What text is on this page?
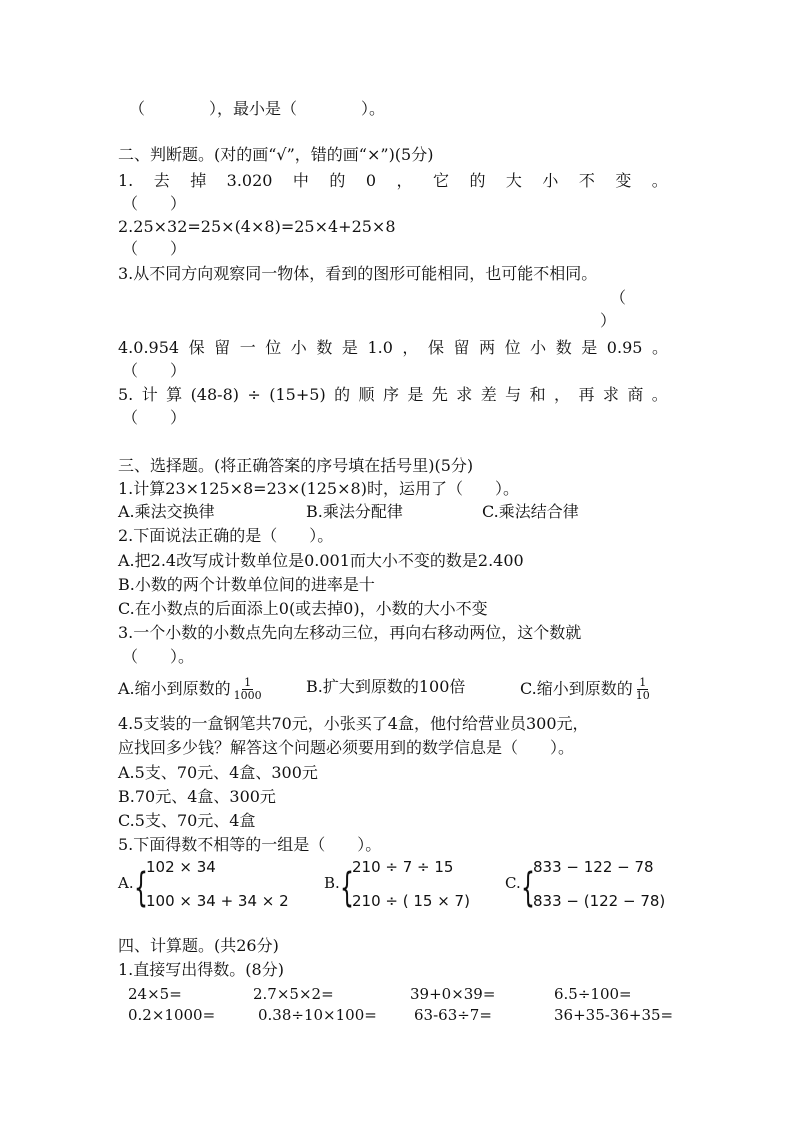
（　　　　），最小是（　　　　）。
二、判断题。(对的画“√”，错的画“×”)(5分)
1. 去 掉 3.020 中 的 0 ， 它 的 大 小 不 变 。
（　　）
2.25×32=25×(4×8)=25×4+25×8
（　　）
3.从不同方向观察同一物体，看到的图形可能相同，也可能不相同。
（
）
4.0.954 保 留 一 位 小 数 是 1.0 ， 保 留 两 位 小 数 是 0.95 。
（　　）
5. 计 算 (48-8) ÷ (15+5) 的 顺 序 是 先 求 差 与 和 ， 再 求 商 。
（　　）
三、选择题。(将正确答案的序号填在括号里)(5分)
1.计算23×125×8=23×(125×8)时，运用了（　　）。
A.乘法交换律	B.乘法分配律	C.乘法结合律
2.下面说法正确的是（　　）。
A.把2.4改写成计数单位是0.001而大小不变的数是2.400
B.小数的两个计数单位间的进率是十
C.在小数点的后面添上0(或去掉0)，小数的大小不变
3.一个小数的小数点先向左移动三位，再向右移动两位，这个数就
（　　）。
A.缩小到原数的 $\frac{1}{1000}$	B.扩大到原数的100倍	C.缩小到原数的 $\frac{1}{10}$
4.5支装的一盒钢笔共70元，小张买了4盒，他付给营业员300元，
应找回多少钱？解答这个问题必须要用到的数学信息是（　　）。
A.5支、70元、4盒、300元
B.70元、4盒、300元
C.5支、70元、4盒
5.下面得数不相等的一组是（　　）。
A. {
102 × 34
100 × 34 + 34 × 2
B. {
210 ÷ 7 ÷ 15
210 ÷ ( 15 × 7)
C. {
833 − 122 − 78
833 − (122 − 78)
四、计算题。(共26分)
1.直接写出得数。(8分)
24×5=	2.7×5×2=	39+0×39=	6.5÷100=
0.2×1000=	0.38÷10×100= 63-63÷7=	36+35-36+35=
